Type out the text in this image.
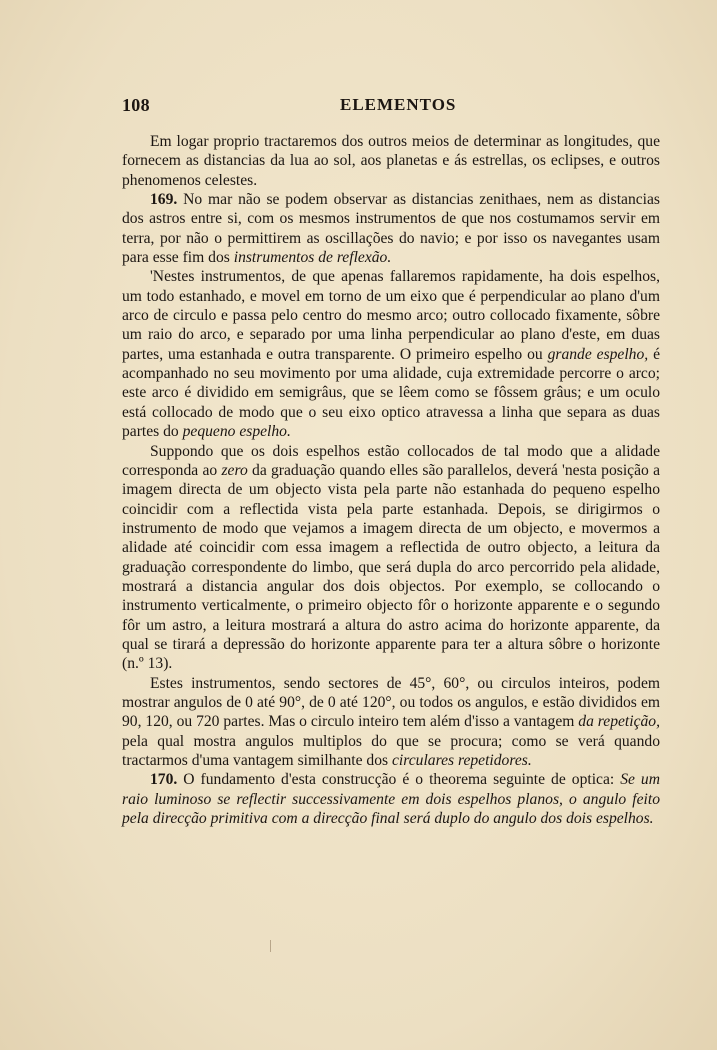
108	ELEMENTOS

Em logar proprio tractaremos dos outros meios de determinar as longitudes, que fornecem as distancias da lua ao sol, aos planetas e ás estrellas, os eclipses, e outros phenomenos celestes.

169. No mar não se podem observar as distancias zenithaes, nem as distancias dos astros entre si, com os mesmos instrumentos de que nos costumamos servir em terra, por não o permittirem as oscillações do navio; e por isso os navegantes usam para esse fim dos instrumentos de reflexão.

'Nestes instrumentos, de que apenas fallaremos rapidamente, ha dois espelhos, um todo estanhado, e movel em torno de um eixo que é perpendicular ao plano d'um arco de circulo e passa pelo centro do mesmo arco; outro collocado fixamente, sôbre um raio do arco, e separado por uma linha perpendicular ao plano d'este, em duas partes, uma estanhada e outra transparente. O primeiro espelho ou grande espelho, é acompanhado no seu movimento por uma alidade, cuja extremidade percorre o arco; este arco é dividido em semigrâus, que se lêem como se fôssem grâus; e um oculo está collocado de modo que o seu eixo optico atravessa a linha que separa as duas partes do pequeno espelho.

Suppondo que os dois espelhos estão collocados de tal modo que a alidade corresponda ao zero da graduação quando elles são parallelos, deverá 'nesta posição a imagem directa de um objecto vista pela parte não estanhada do pequeno espelho coincidir com a reflectida vista pela parte estanhada. Depois, se dirigirmos o instrumento de modo que vejamos a imagem directa de um objecto, e movermos a alidade até coincidir com essa imagem a reflectida de outro objecto, a leitura da graduação correspondente do limbo, que será dupla do arco percorrido pela alidade, mostrará a distancia angular dos dois objectos. Por exemplo, se collocando o instrumento verticalmente, o primeiro objecto fôr o horizonte apparente e o segundo fôr um astro, a leitura mostrará a altura do astro acima do horizonte apparente, da qual se tirará a depressão do horizonte apparente para ter a altura sôbre o horizonte (n.º 13).

Estes instrumentos, sendo sectores de 45°, 60°, ou circulos inteiros, podem mostrar angulos de 0 até 90°, de 0 até 120°, ou todos os angulos, e estão divididos em 90, 120, ou 720 partes. Mas o circulo inteiro tem além d'isso a vantagem da repetição, pela qual mostra angulos multiplos do que se procura; como se verá quando tractarmos d'uma vantagem similhante dos circulares repetidores.

170. O fundamento d'esta construcção é o theorema seguinte de optica: Se um raio luminoso se reflectir successivamente em dois espelhos planos, o angulo feito pela direcção primitiva com a direcção final será duplo do angulo dos dois espelhos.
